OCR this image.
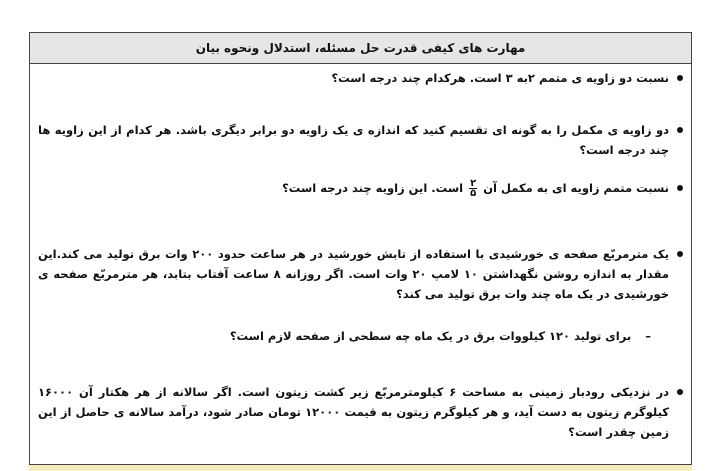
مهارت های کیفی قدرت حل مسئله، استدلال ونحوه بیان
نسبت دو زاویه ی متمم ۲به ۳ است. هرکدام چند درجه است؟
دو زاویه ی مکمل را به گونه ای تقسیم کنید که اندازه ی یک زاویه دو برابر دیگری باشد. هر کدام از این زاویه ها چند درجه است؟
نسبت متمم زاویه ای به مکمل آن
$\frac{۲}{۵}$
است. این زاویه چند درجه است؟
یک مترمربّع صفحه ی خورشیدی با استفاده از تابش خورشید در هر ساعت حدود ۲۰۰ وات برق تولید می کند.این مقدار به اندازه روشن نگهداشتن ۱۰ لامپ ۲۰ وات است. اگر روزانه ۸ ساعت آفتاب بتابد، هر مترمربّع صفحه ی خورشیدی در یک ماه چند وات برق تولید می کند؟
– برای تولید ۱۲۰ کیلووات برق در یک ماه چه سطحی از صفحه لازم است؟
در نزدیکی رودبار زمینی به مساحت ۶ کیلومترمربّع زیر کشت زیتون است. اگر سالانه از هر هکتار آن ۱۶۰۰۰ کیلوگرم زیتون به دست آید، و هر کیلوگرم زیتون به قیمت ۱۲۰۰۰ تومان صادر شود، درآمد سالانه ی حاصل از این زمین چقدر است؟
